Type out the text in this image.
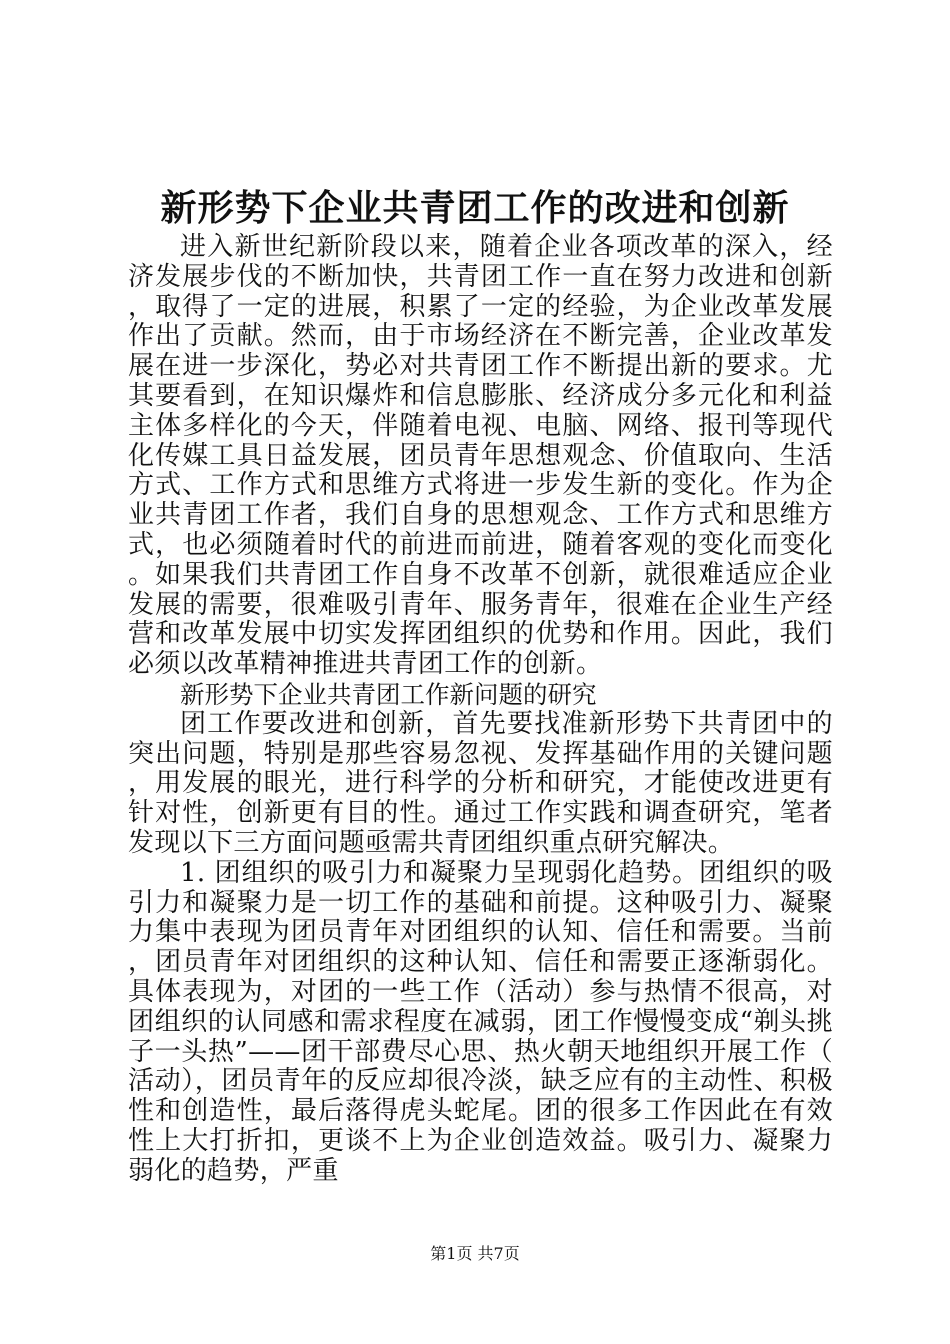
新形势下企业共青团工作的改进和创新

进入新世纪新阶段以来，随着企业各项改革的深入，经济发展步伐的不断加快，共青团工作一直在努力改进和创新，取得了一定的进展，积累了一定的经验，为企业改革发展作出了贡献。然而，由于市场经济在不断完善，企业改革发展在进一步深化，势必对共青团工作不断提出新的要求。尤其要看到，在知识爆炸和信息膨胀、经济成分多元化和利益主体多样化的今天，伴随着电视、电脑、网络、报刊等现代化传媒工具日益发展，团员青年思想观念、价值取向、生活方式、工作方式和思维方式将进一步发生新的变化。作为企业共青团工作者，我们自身的思想观念、工作方式和思维方式，也必须随着时代的前进而前进，随着客观的变化而变化。如果我们共青团工作自身不改革不创新，就很难适应企业发展的需要，很难吸引青年、服务青年，很难在企业生产经营和改革发展中切实发挥团组织的优势和作用。因此，我们必须以改革精神推进共青团工作的创新。

新形势下企业共青团工作新问题的研究

团工作要改进和创新，首先要找准新形势下共青团中的突出问题，特别是那些容易忽视、发挥基础作用的关键问题，用发展的眼光，进行科学的分析和研究，才能使改进更有针对性，创新更有目的性。通过工作实践和调查研究，笔者发现以下三方面问题亟需共青团组织重点研究解决。

1. 团组织的吸引力和凝聚力呈现弱化趋势。团组织的吸引力和凝聚力是一切工作的基础和前提。这种吸引力、凝聚力集中表现为团员青年对团组织的认知、信任和需要。当前，团员青年对团组织的这种认知、信任和需要正逐渐弱化。具体表现为，对团的一些工作（活动）参与热情不很高，对团组织的认同感和需求程度在减弱，团工作慢慢变成“剃头挑子一头热”——团干部费尽心思、热火朝天地组织开展工作（活动），团员青年的反应却很冷淡，缺乏应有的主动性、积极性和创造性，最后落得虎头蛇尾。团的很多工作因此在有效性上大打折扣，更谈不上为企业创造效益。吸引力、凝聚力弱化的趋势，严重

第1页 共7页
